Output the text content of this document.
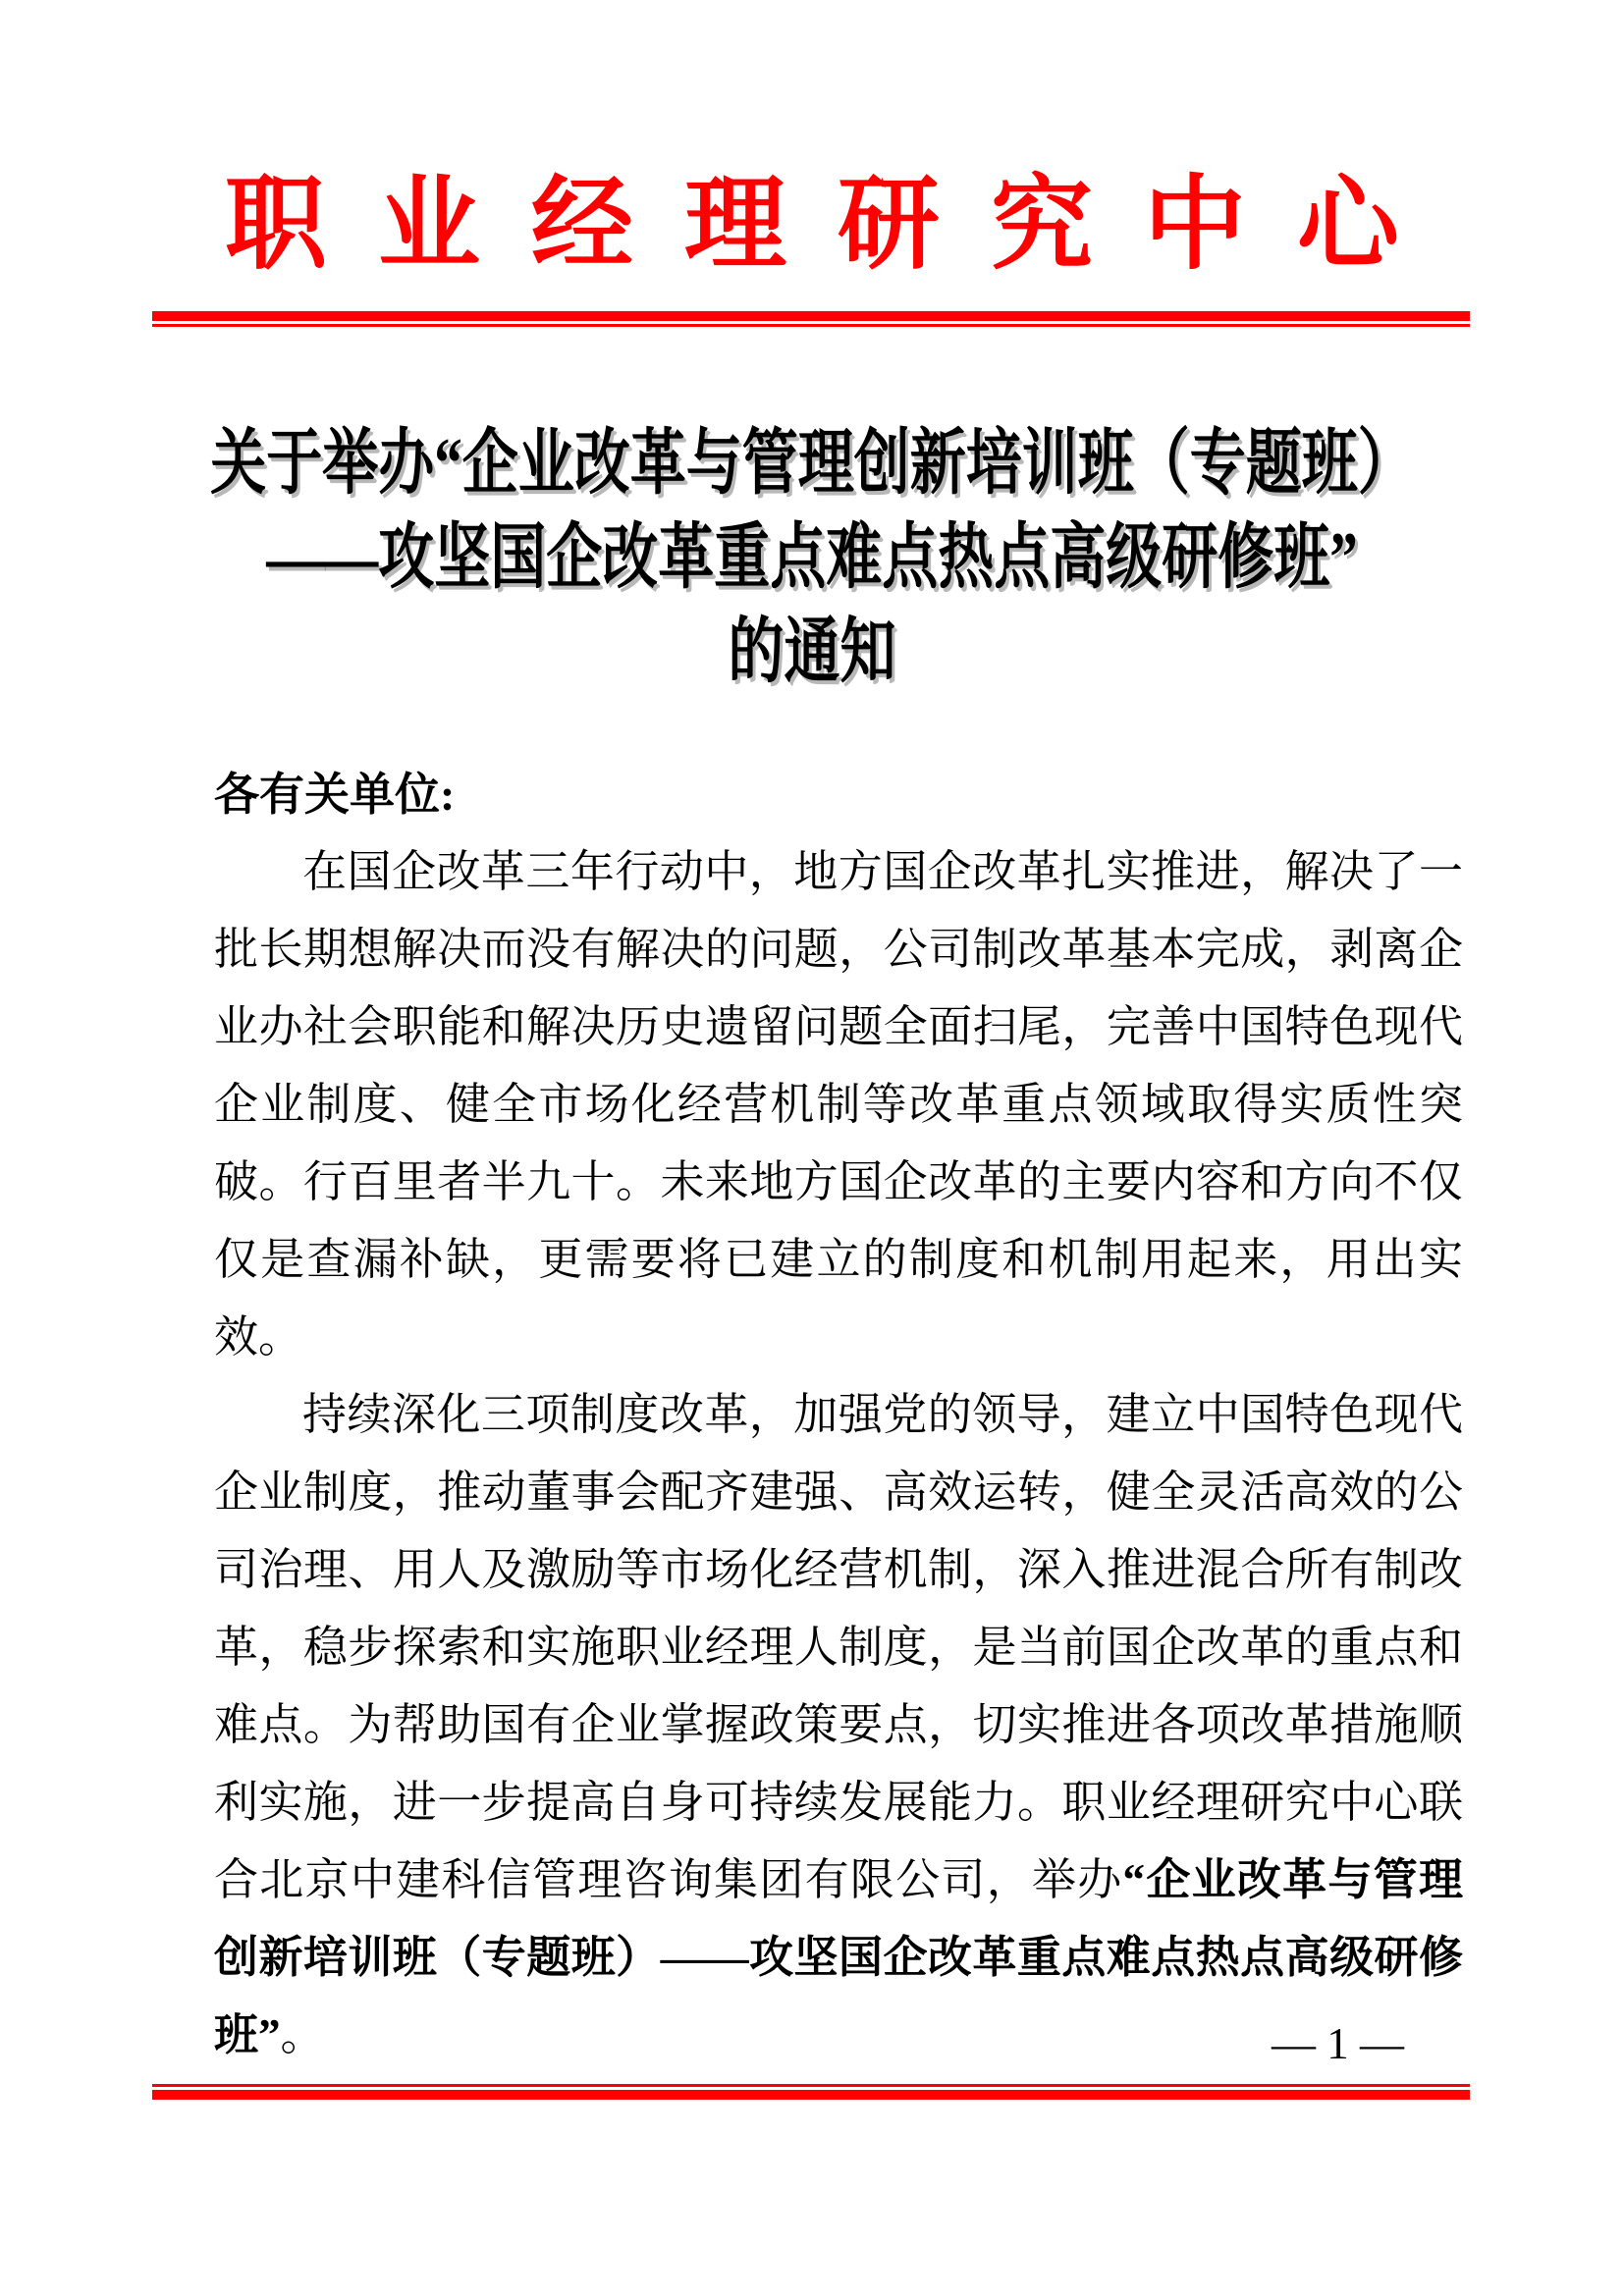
职业经理研究中心
关于举办“企业改革与管理创新培训班（专题班）
——攻坚国企改革重点难点热点高级研修班”
的通知

各有关单位:

在国企改革三年行动中，地方国企改革扎实推进，解决了一批长期想解决而没有解决的问题，公司制改革基本完成，剥离企业办社会职能和解决历史遗留问题全面扫尾，完善中国特色现代企业制度、健全市场化经营机制等改革重点领域取得实质性突破。行百里者半九十。未来地方国企改革的主要内容和方向不仅仅是查漏补缺，更需要将已建立的制度和机制用起来，用出实效。

持续深化三项制度改革，加强党的领导，建立中国特色现代企业制度，推动董事会配齐建强、高效运转，健全灵活高效的公司治理、用人及激励等市场化经营机制，深入推进混合所有制改革，稳步探索和实施职业经理人制度，是当前国企改革的重点和难点。为帮助国有企业掌握政策要点，切实推进各项改革措施顺利实施，进一步提高自身可持续发展能力。职业经理研究中心联合北京中建科信管理咨询集团有限公司，举办“企业改革与管理创新培训班（专题班）——攻坚国企改革重点难点热点高级研修班”。	— 1 —
